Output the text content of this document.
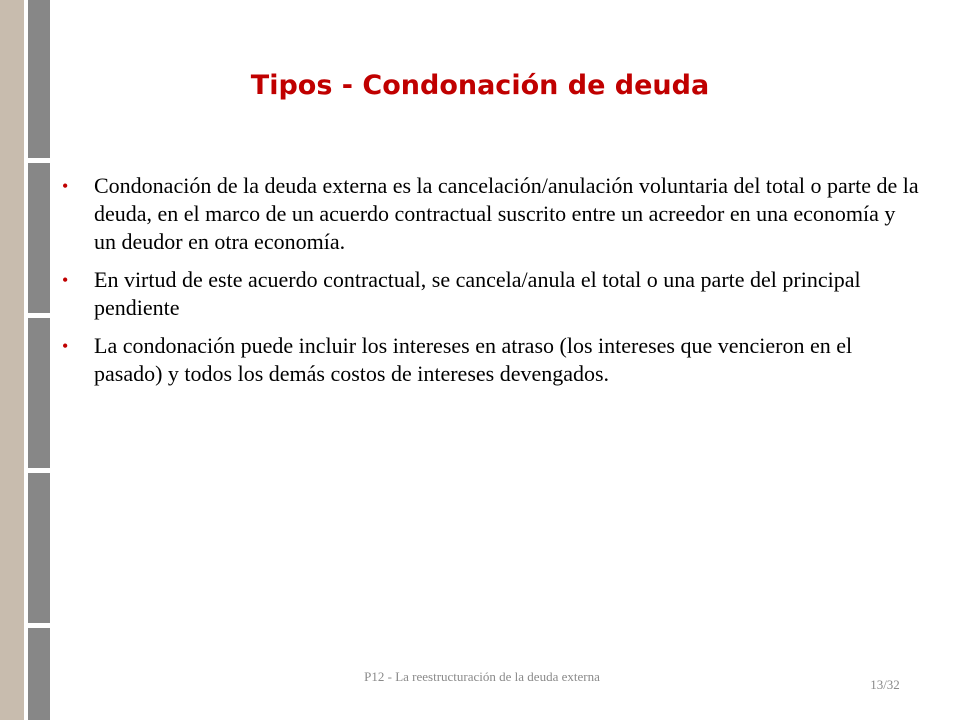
Tipos - Condonación de deuda
•	Condonación de la deuda externa es la cancelación/anulación voluntaria del total o parte de la deuda, en el marco de un acuerdo contractual suscrito entre un acreedor en una economía y un deudor en otra economía.
•	En virtud de este acuerdo contractual, se cancela/anula el total o una parte del principal pendiente
•	La condonación puede incluir los intereses en atraso (los intereses que vencieron en el pasado) y todos los demás costos de intereses devengados.
P12 - La reestructuración de la deuda externa
13/32
